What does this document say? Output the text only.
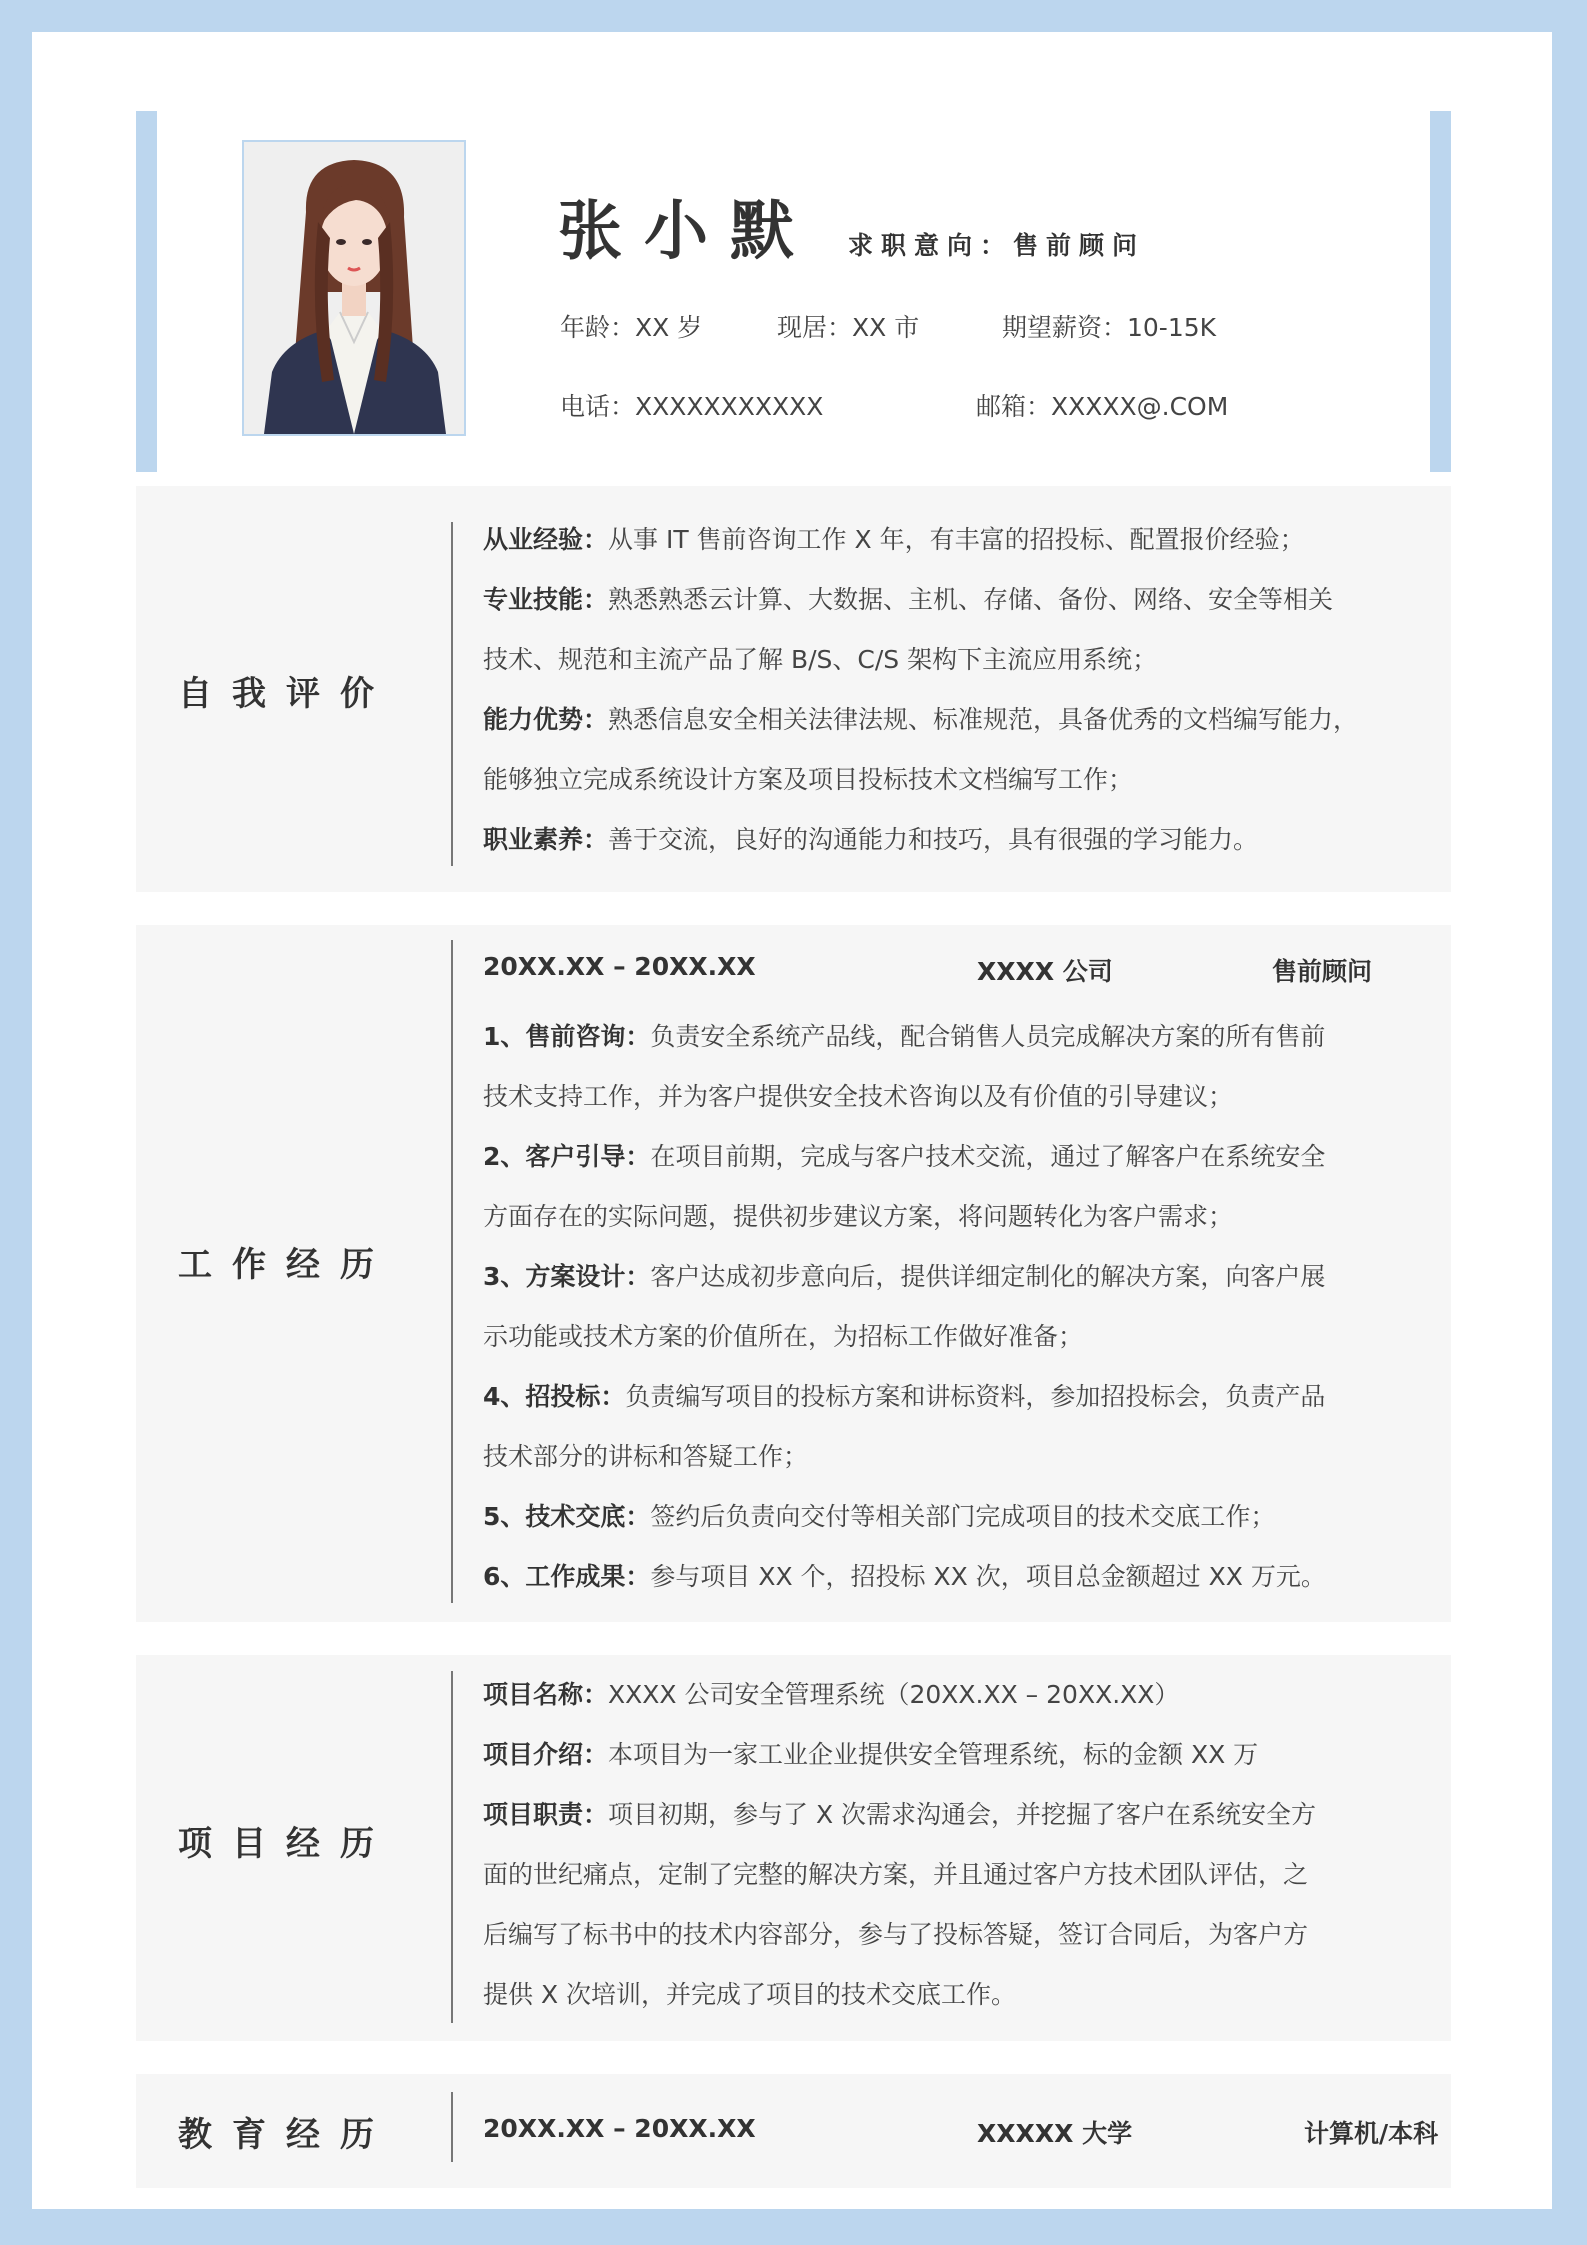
张小默 求职意向：售前顾问
年龄：XX 岁	现居：XX 市	期望薪资：10-15K
电话：XXXXXXXXXXX	邮箱：XXXXX@.COM
自我评价
从业经验：从事 IT 售前咨询工作 X 年，有丰富的招投标、配置报价经验；
专业技能：熟悉熟悉云计算、大数据、主机、存储、备份、网络、安全等相关
技术、规范和主流产品了解 B/S、C/S 架构下主流应用系统；
能力优势：熟悉信息安全相关法律法规、标准规范，具备优秀的文档编写能力，
能够独立完成系统设计方案及项目投标技术文档编写工作；
职业素养：善于交流，良好的沟通能力和技巧，具有很强的学习能力。
工作经历
20XX.XX – 20XX.XX	XXXX 公司	售前顾问
1、售前咨询：负责安全系统产品线，配合销售人员完成解决方案的所有售前
技术支持工作，并为客户提供安全技术咨询以及有价值的引导建议；
2、客户引导：在项目前期，完成与客户技术交流，通过了解客户在系统安全
方面存在的实际问题，提供初步建议方案，将问题转化为客户需求；
3、方案设计：客户达成初步意向后，提供详细定制化的解决方案，向客户展
示功能或技术方案的价值所在，为招标工作做好准备；
4、招投标：负责编写项目的投标方案和讲标资料，参加招投标会，负责产品
技术部分的讲标和答疑工作；
5、技术交底：签约后负责向交付等相关部门完成项目的技术交底工作；
6、工作成果：参与项目 XX 个，招投标 XX 次，项目总金额超过 XX 万元。
项目经历
项目名称：XXXX 公司安全管理系统（20XX.XX – 20XX.XX）
项目介绍：本项目为一家工业企业提供安全管理系统，标的金额 XX 万
项目职责：项目初期，参与了 X 次需求沟通会，并挖掘了客户在系统安全方
面的世纪痛点，定制了完整的解决方案，并且通过客户方技术团队评估，之
后编写了标书中的技术内容部分，参与了投标答疑，签订合同后，为客户方
提供 X 次培训，并完成了项目的技术交底工作。
教育经历	20XX.XX – 20XX.XX	XXXXX 大学	计算机/本科
